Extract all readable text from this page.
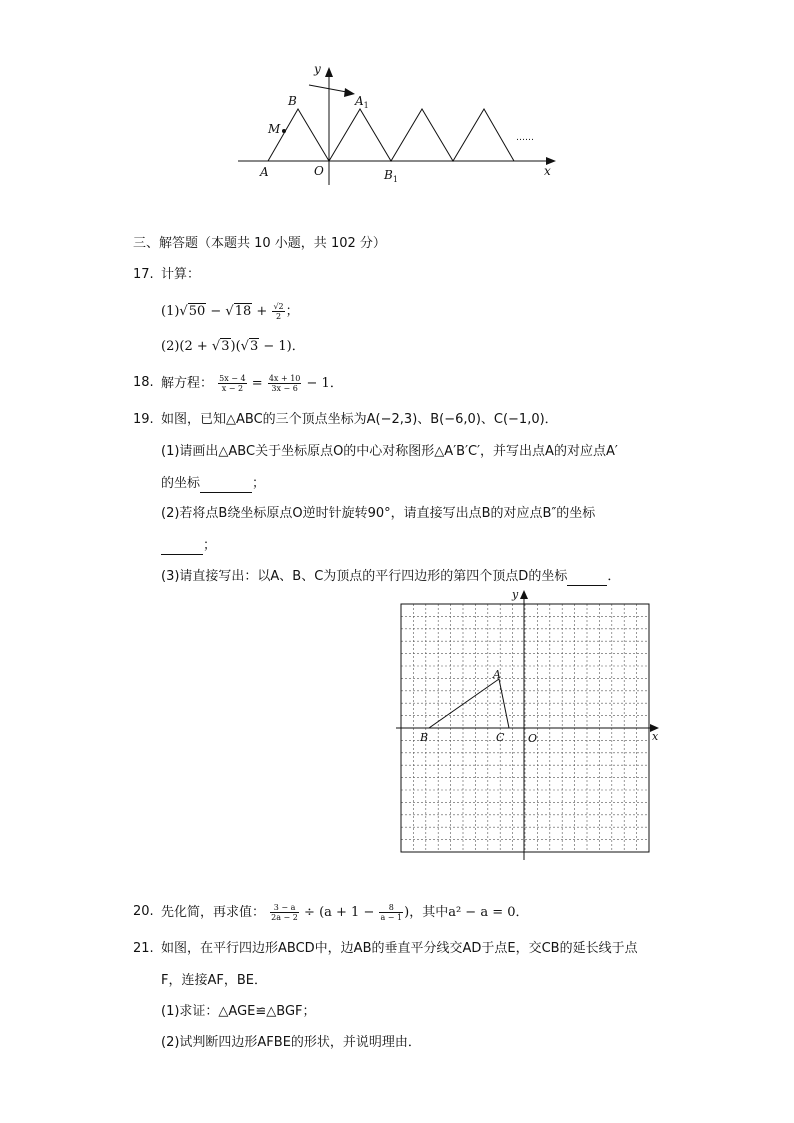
y
x
A
B
M
O
$A_1$
$B_1$
……
三、解答题（本题共 10 小题，共 102 分）
17. 计算：
$(1)√50 - √18 + \frac{√2}{2}$ ；
(2)(2 + √3)(√3 − 1)．
18. 解方程： $\frac{5x - 4}{x - 2} = \frac{4x + 10}{3x - 6} - 1$．
19. 如图，已知△ABC的三个顶点坐标为A(−2,3)、B(−6,0)、C(−1,0)．
(1)请画出△ABC关于坐标原点O的中心对称图形△A′B′C′，并写出点A的对应点A′
的坐标	；
(2)若将点B绕坐标原点O逆时针旋转90°，请直接写出点B的对应点B″的坐标
；
(3)请直接写出：以A、B、C为顶点的平行四边形的第四个顶点D的坐标	．
y
x
A
B	C O
20. 先化简，再求值： $\frac{3 - a}{2a - 2} \div (a + 1 - \frac{8}{a - 1}$ )，其中a² − a = 0．
21. 如图，在平行四边形ABCD中，边AB的垂直平分线交AD于点E，交CB的延长线于点
F，连接AF，BE．
(1)求证：△AGE≌△BGF；
(2)试判断四边形AFBE的形状，并说明理由．
